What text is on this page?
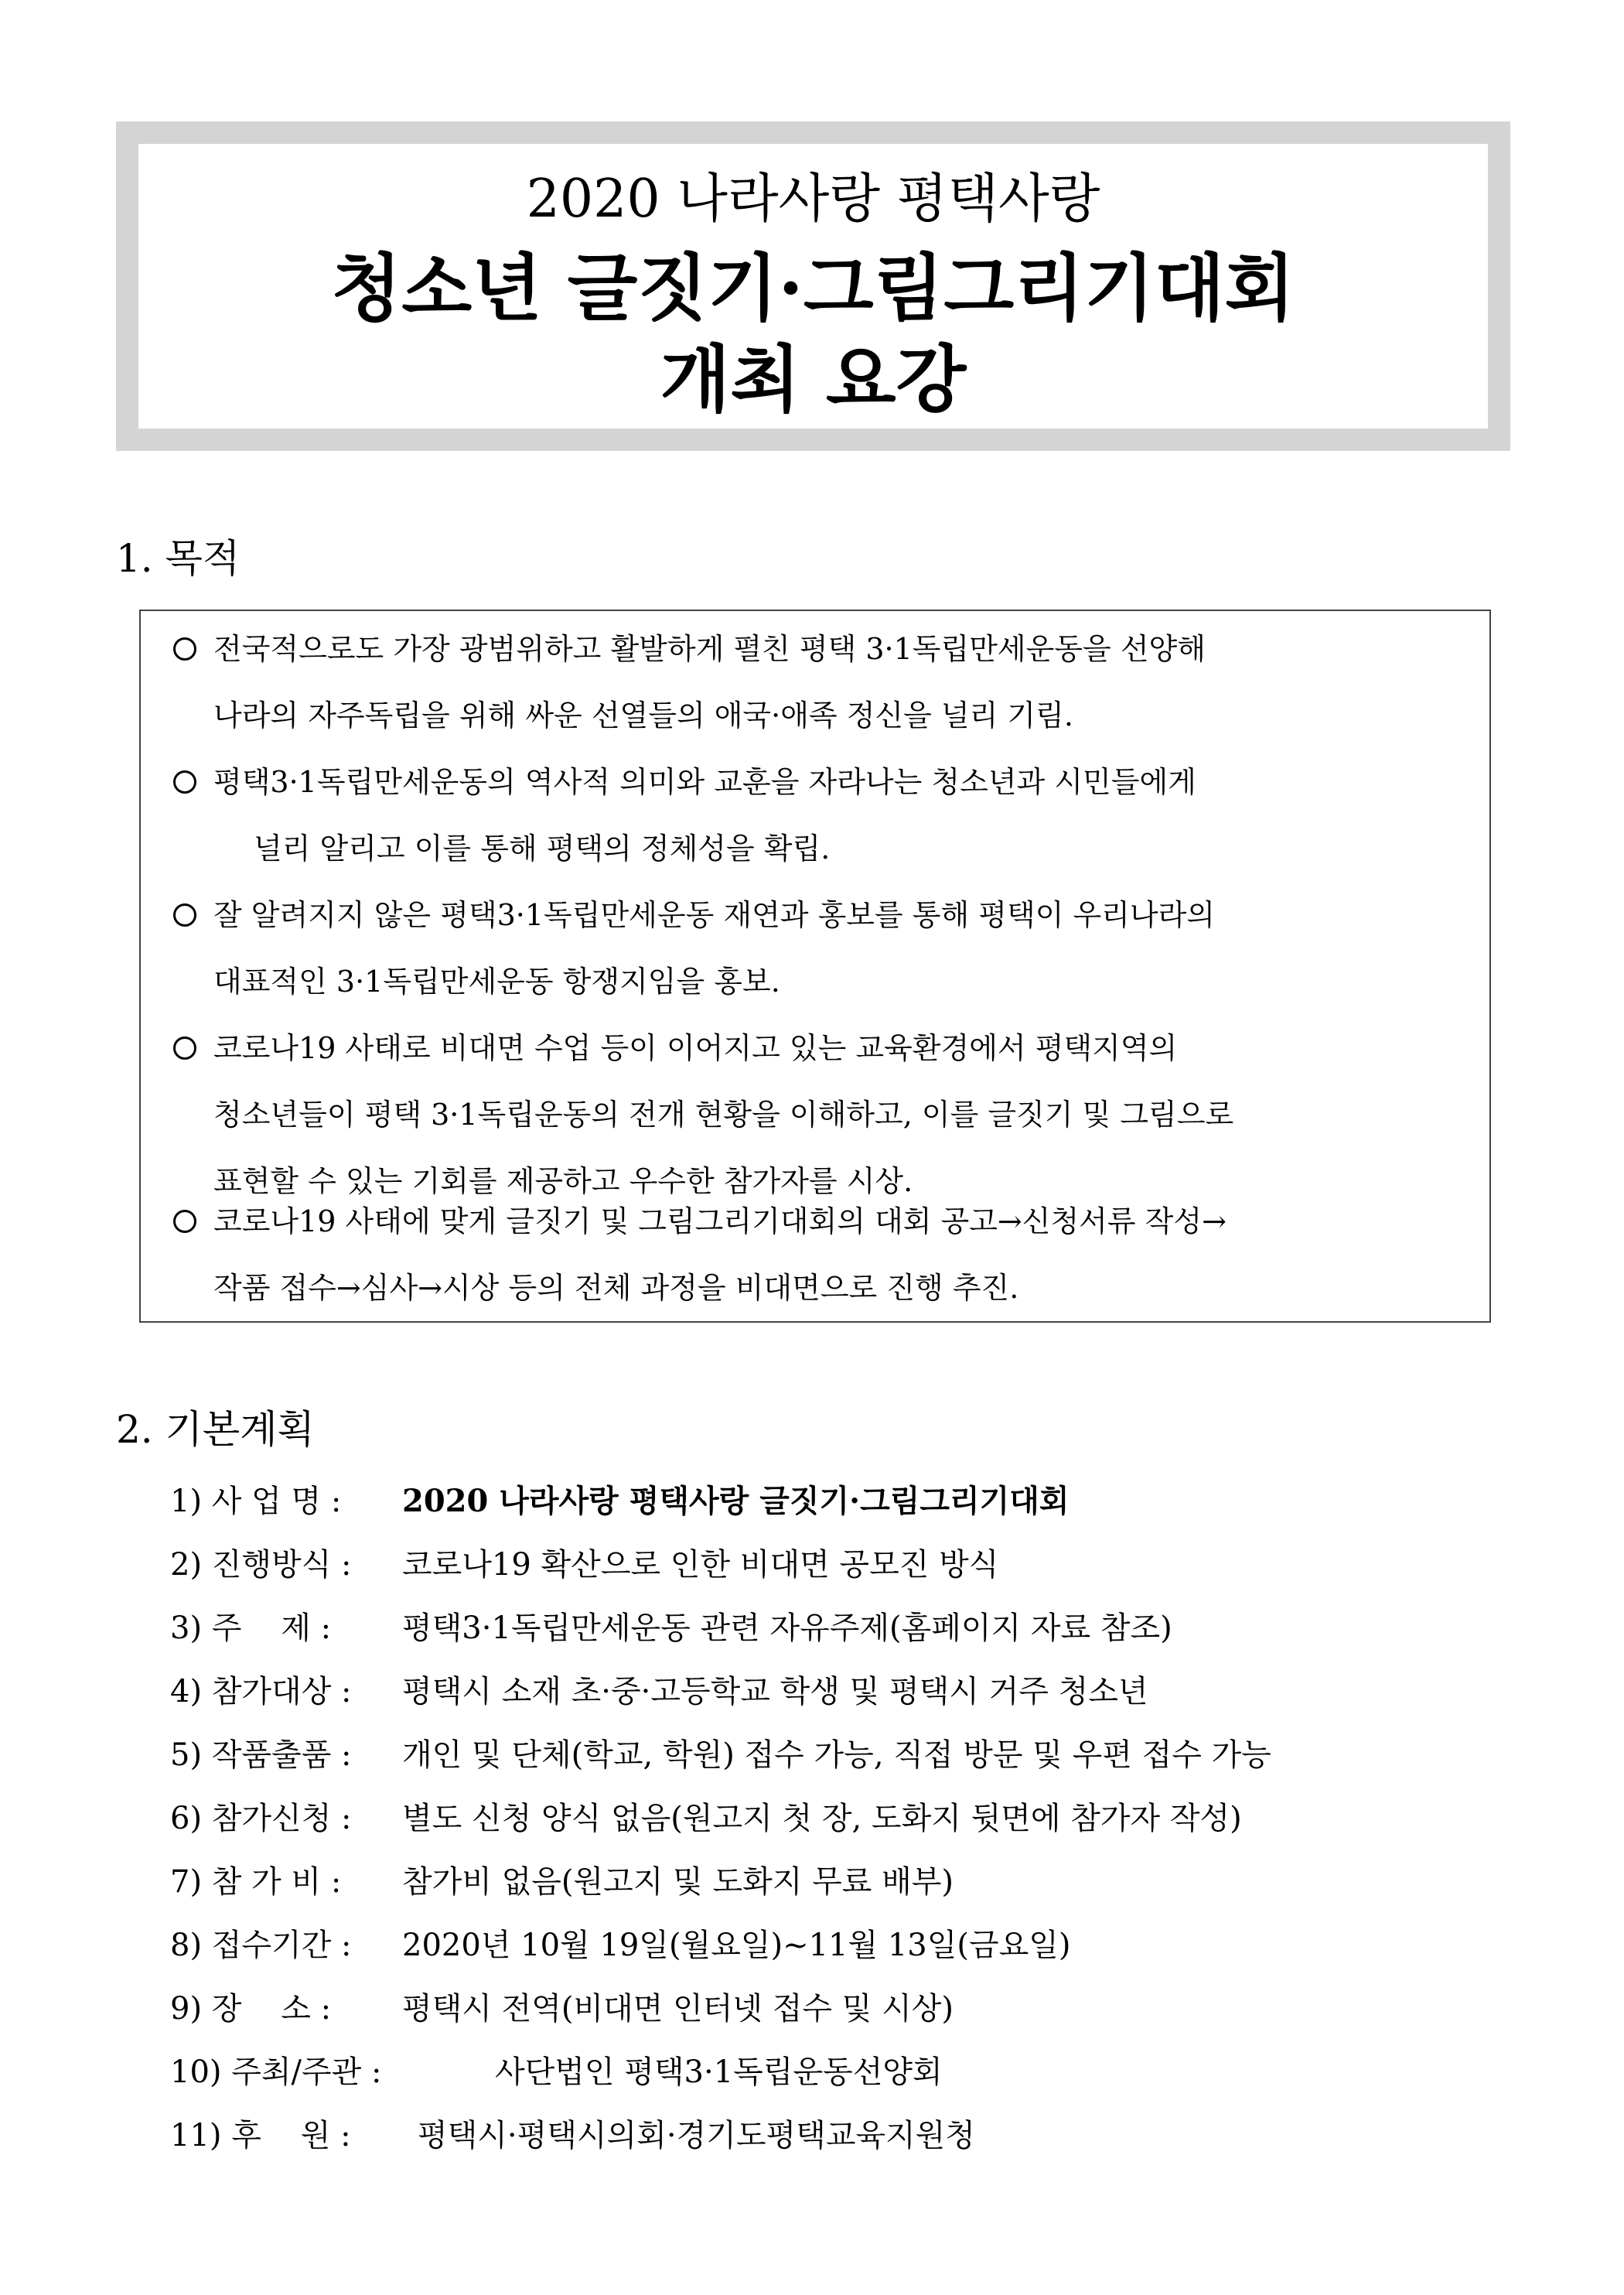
2020 나라사랑 평택사랑
청소년 글짓기·그림그리기대회
개최 요강
1. 목적
전국적으로도 가장 광범위하고 활발하게 펼친 평택 3·1독립만세운동을 선양해
나라의 자주독립을 위해 싸운 선열들의 애국·애족 정신을 널리 기림.
평택3·1독립만세운동의 역사적 의미와 교훈을 자라나는 청소년과 시민들에게
널리 알리고 이를 통해 평택의 정체성을 확립.
잘 알려지지 않은 평택3·1독립만세운동 재연과 홍보를 통해 평택이 우리나라의
대표적인 3·1독립만세운동 항쟁지임을 홍보.
코로나19 사태로 비대면 수업 등이 이어지고 있는 교육환경에서 평택지역의
청소년들이 평택 3·1독립운동의 전개 현황을 이해하고, 이를 글짓기 및 그림으로
표현할 수 있는 기회를 제공하고 우수한 참가자를 시상.
코로나19 사태에 맞게 글짓기 및 그림그리기대회의 대회 공고→신청서류 작성→
작품 접수→심사→시상 등의 전체 과정을 비대면으로 진행 추진.
2. 기본계획
1) 사 업 명 : 2020 나라사랑 평택사랑 글짓기·그림그리기대회
2) 진행방식 : 코로나19 확산으로 인한 비대면 공모진 방식
3) 주    제 : 평택3·1독립만세운동 관련 자유주제(홈페이지 자료 참조)
4) 참가대상 : 평택시 소재 초·중·고등학교 학생 및 평택시 거주 청소년
5) 작품출품 : 개인 및 단체(학교, 학원) 접수 가능, 직접 방문 및 우편 접수 가능
6) 참가신청 : 별도 신청 양식 없음(원고지 첫 장, 도화지 뒷면에 참가자 작성)
7) 참 가 비 : 참가비 없음(원고지 및 도화지 무료 배부)
8) 접수기간 : 2020년 10월 19일(월요일)~11월 13일(금요일)
9) 장    소 : 평택시 전역(비대면 인터넷 접수 및 시상)
10) 주최/주관 :	사단법인 평택3·1독립운동선양회
11) 후    원 : 평택시·평택시의회·경기도평택교육지원청
